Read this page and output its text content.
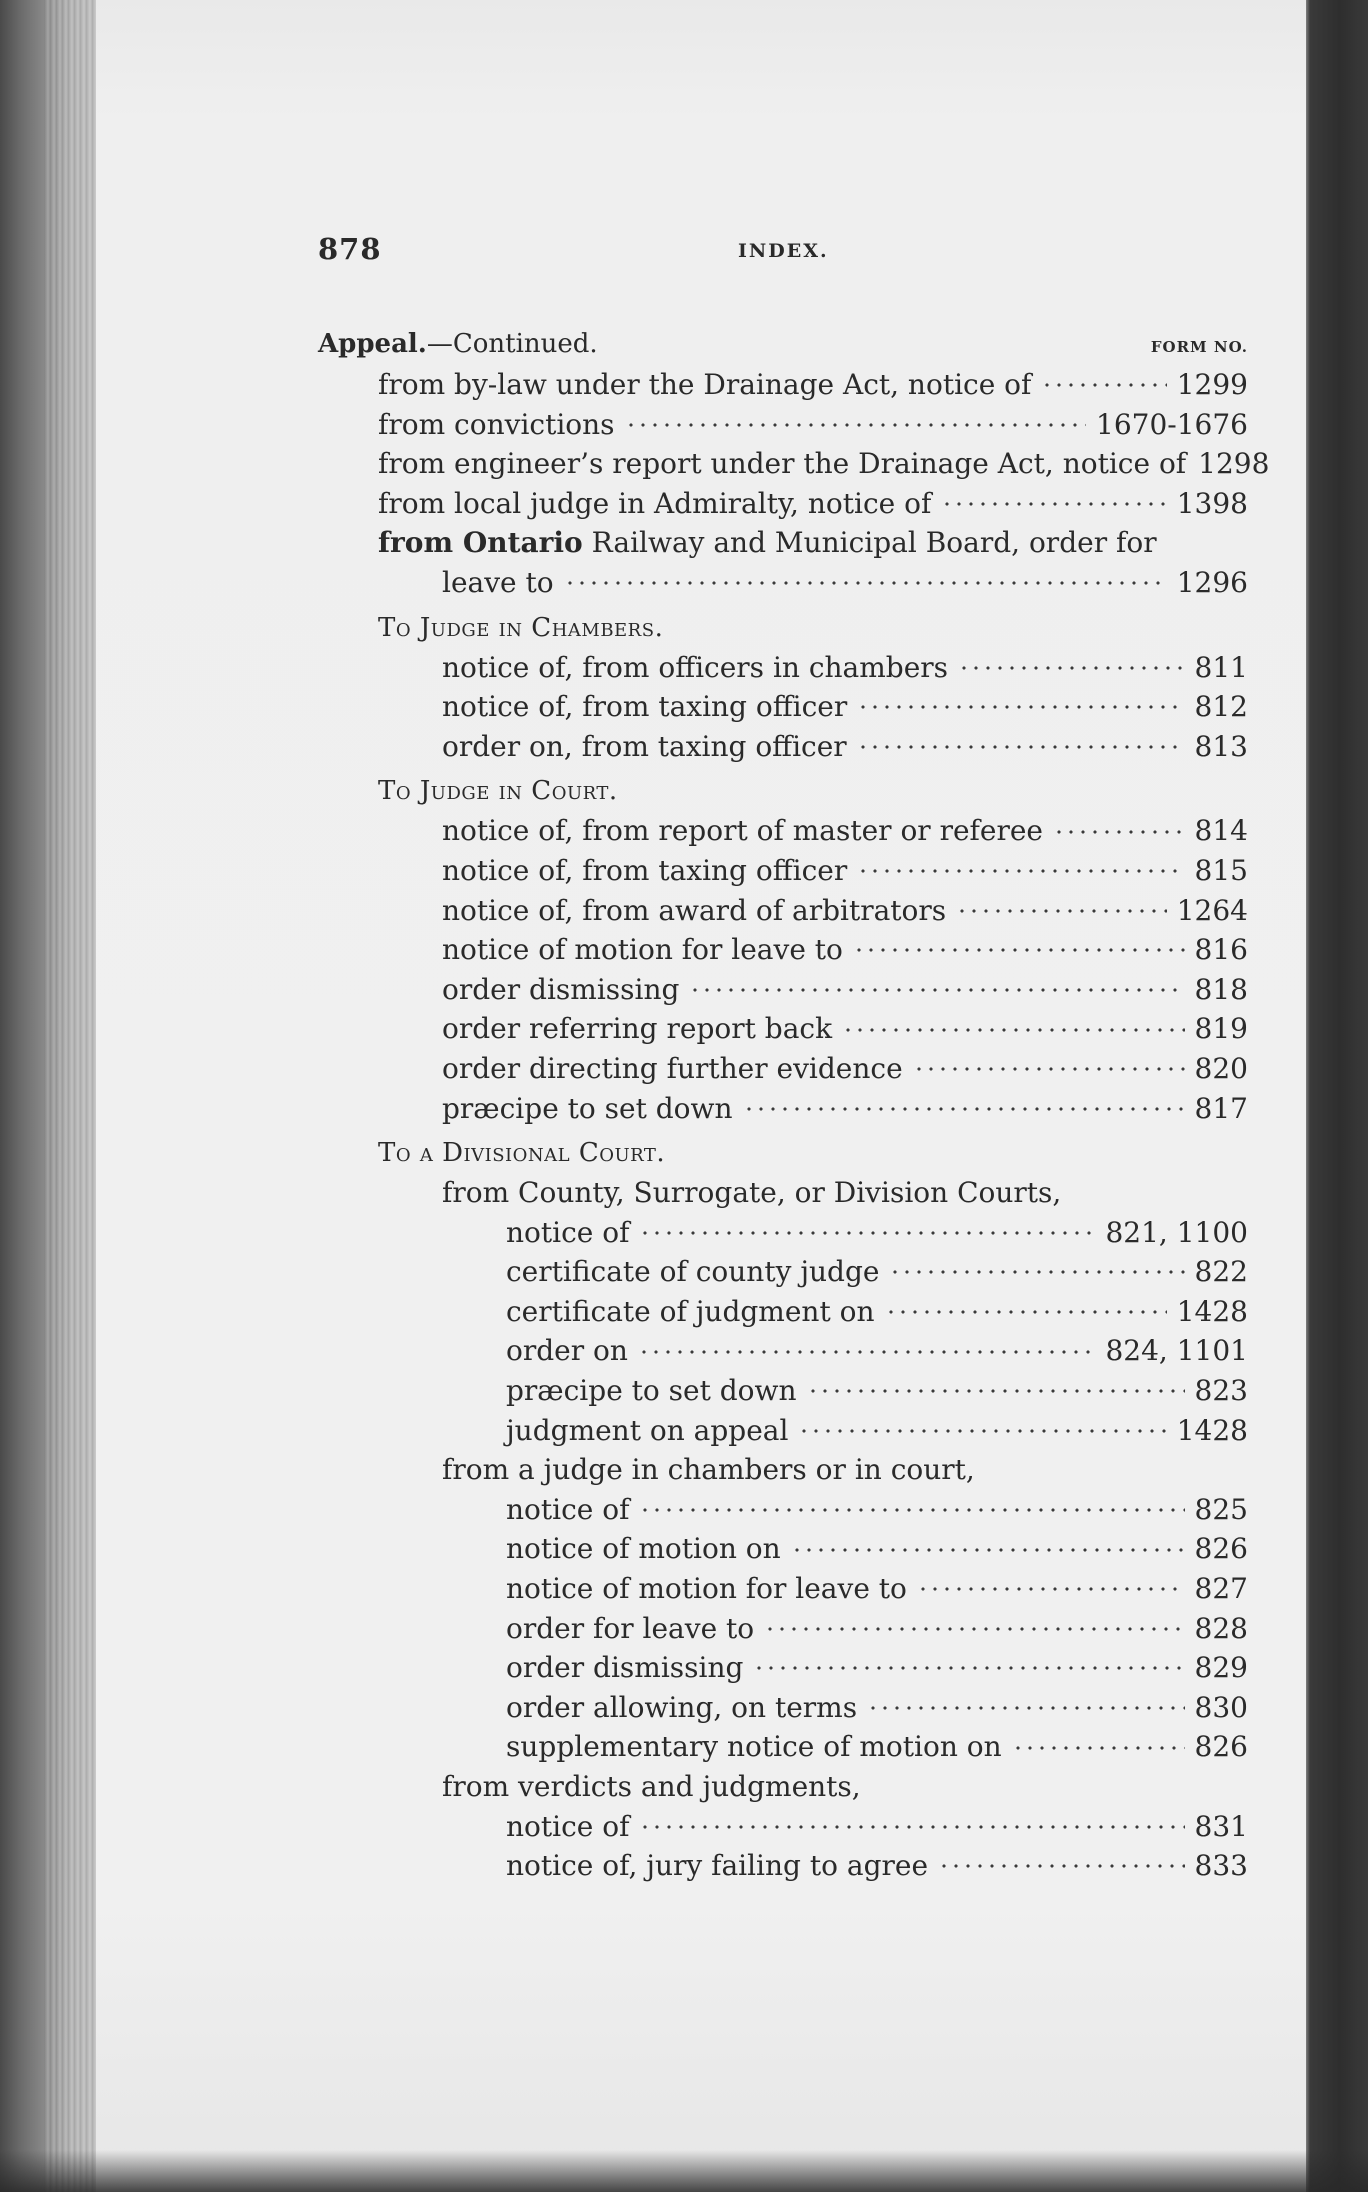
878	INDEX.
Appeal.—Continued.	FORM NO.
from by-law under the Drainage Act, notice of	1299
from convictions	1670-1676
from engineer’s report under the Drainage Act, notice of 1298
from local judge in Admiralty, notice of	1398
from Ontario Railway and Municipal Board, order for
leave to	1296
To Judge in Chambers.
notice of, from officers in chambers	811
notice of, from taxing officer	812
order on, from taxing officer	813
To Judge in Court.
notice of, from report of master or referee	814
notice of, from taxing officer	815
notice of, from award of arbitrators	1264
notice of motion for leave to	816
order dismissing	818
order referring report back	819
order directing further evidence	820
præcipe to set down	817
To a Divisional Court.
from County, Surrogate, or Division Courts,
notice of	821, 1100
certificate of county judge	822
certificate of judgment on	1428
order on	824, 1101
præcipe to set down	823
judgment on appeal	1428
from a judge in chambers or in court,
notice of	825
notice of motion on	826
notice of motion for leave to	827
order for leave to	828
order dismissing	829
order allowing, on terms	830
supplementary notice of motion on	826
from verdicts and judgments,
notice of	831
notice of, jury failing to agree	833
